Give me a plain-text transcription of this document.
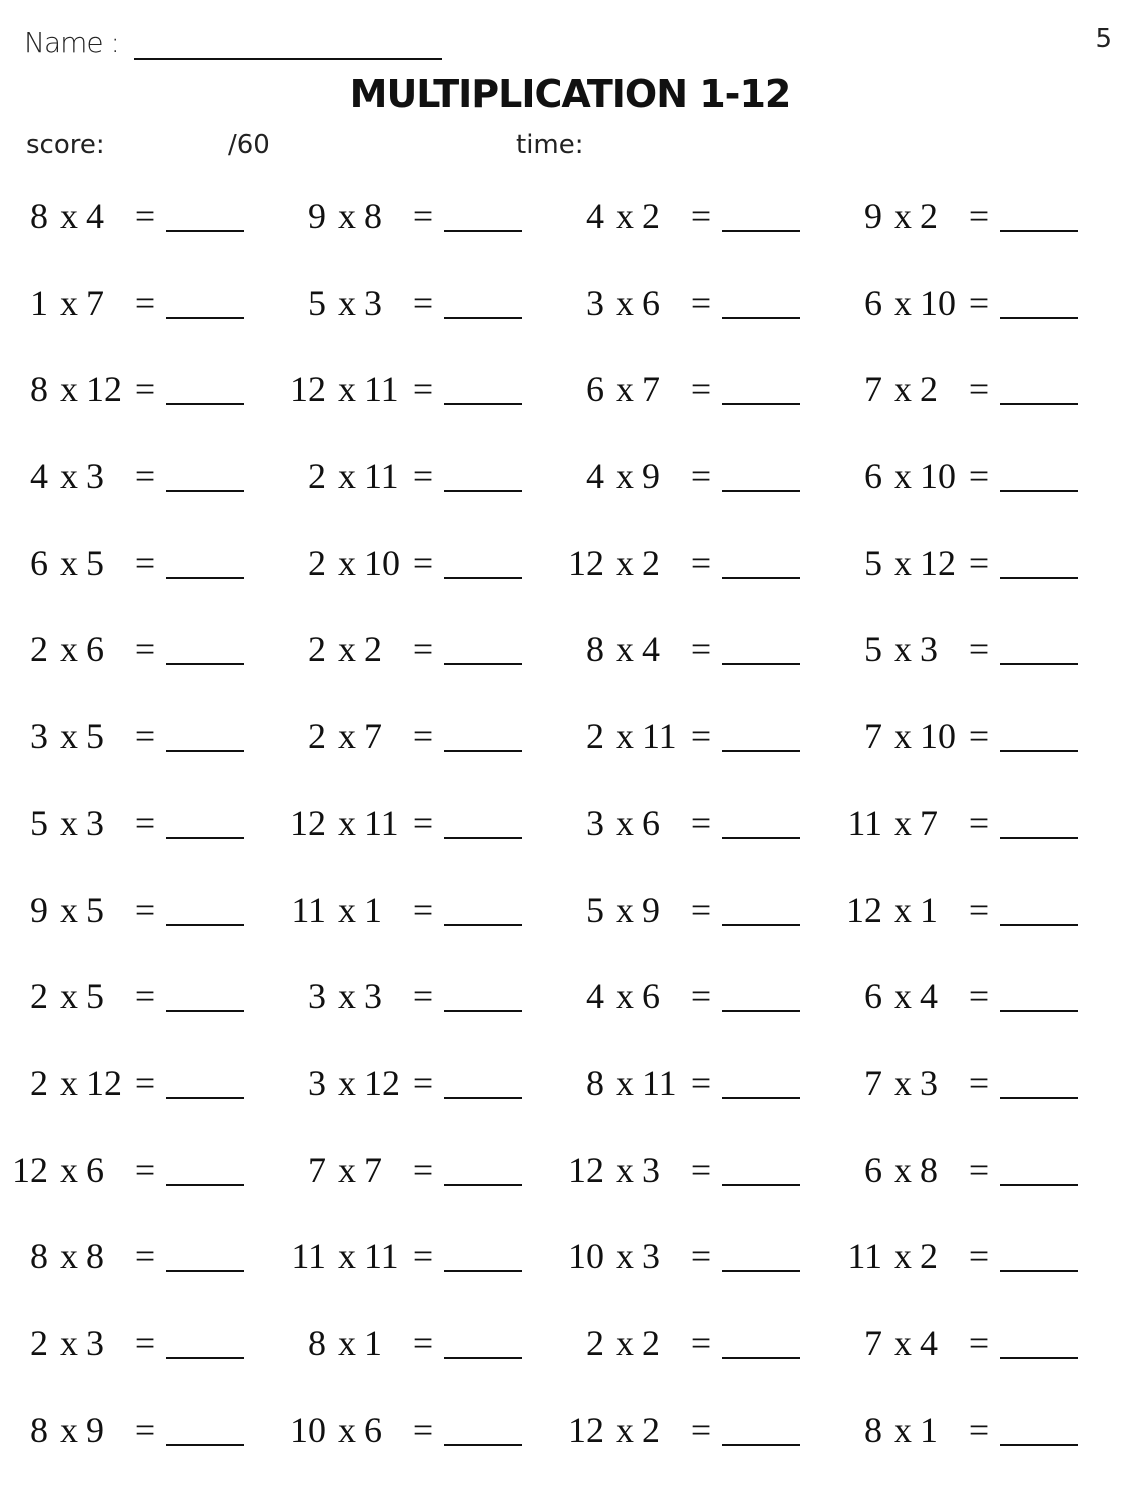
Name :	5
MULTIPLICATION 1-12
score:	/60	time:
8 x 4 =	9 x 8 =	4 x 2 =	9 x 2 =
1 x 7 =	5 x 3 =	3 x 6 =	6 x 10 =
8 x 12 =	12 x 11 =	6 x 7 =	7 x 2 =
4 x 3 =	2 x 11 =	4 x 9 =	6 x 10 =
6 x 5 =	2 x 10 =	12 x 2 =	5 x 12 =
2 x 6 =	2 x 2 =	8 x 4 =	5 x 3 =
3 x 5 =	2 x 7 =	2 x 11 =	7 x 10 =
5 x 3 =	12 x 11 =	3 x 6 =	11 x 7 =
9 x 5 =	11 x 1 =	5 x 9 =	12 x 1 =
2 x 5 =	3 x 3 =	4 x 6 =	6 x 4 =
2 x 12 =	3 x 12 =	8 x 11 =	7 x 3 =
12 x 6 =	7 x 7 =	12 x 3 =	6 x 8 =
8 x 8 =	11 x 11 =	10 x 3 =	11 x 2 =
2 x 3 =	8 x 1 =	2 x 2 =	7 x 4 =
8 x 9 =	10 x 6 =	12 x 2 =	8 x 1 =
